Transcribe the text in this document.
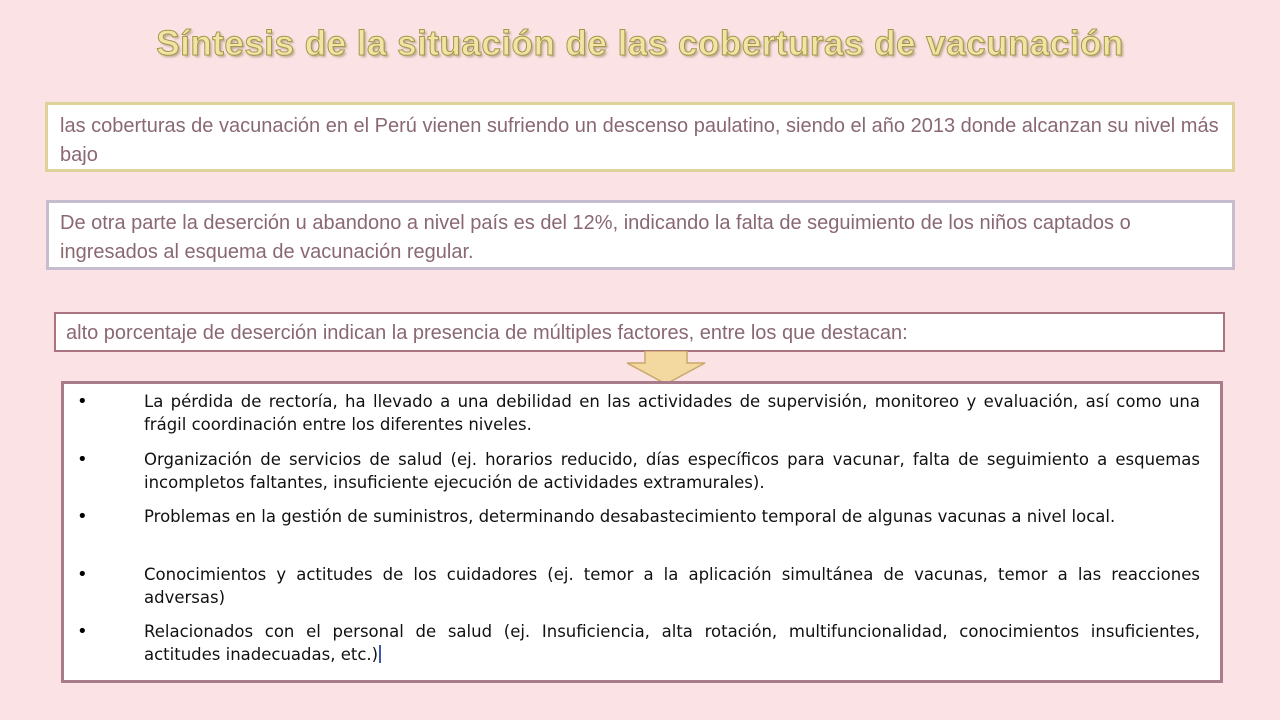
Síntesis de la situación de las coberturas de vacunación
las coberturas de vacunación en el Perú vienen sufriendo un descenso paulatino, siendo el año 2013 donde alcanzan su nivel más bajo
De otra parte la deserción u abandono a nivel país es del 12%, indicando la falta de seguimiento de los niños captados o ingresados al esquema de vacunación regular.
alto porcentaje de deserción indican la presencia de múltiples factores, entre los que destacan:
•	La pérdida de rectoría, ha llevado a una debilidad en las actividades de supervisión, monitoreo y evaluación, así como una frágil coordinación entre los diferentes niveles.
•	Organización de servicios de salud (ej. horarios reducido, días específicos para vacunar, falta de seguimiento a esquemas incompletos faltantes, insuficiente ejecución de actividades extramurales).
•	Problemas en la gestión de suministros, determinando desabastecimiento temporal de algunas vacunas a nivel local.
•	Conocimientos y actitudes de los cuidadores (ej. temor a la aplicación simultánea de vacunas, temor a las reacciones adversas)
•	Relacionados con el personal de salud (ej. Insuficiencia, alta rotación, multifuncionalidad, conocimientos insuficientes, actitudes inadecuadas, etc.)
